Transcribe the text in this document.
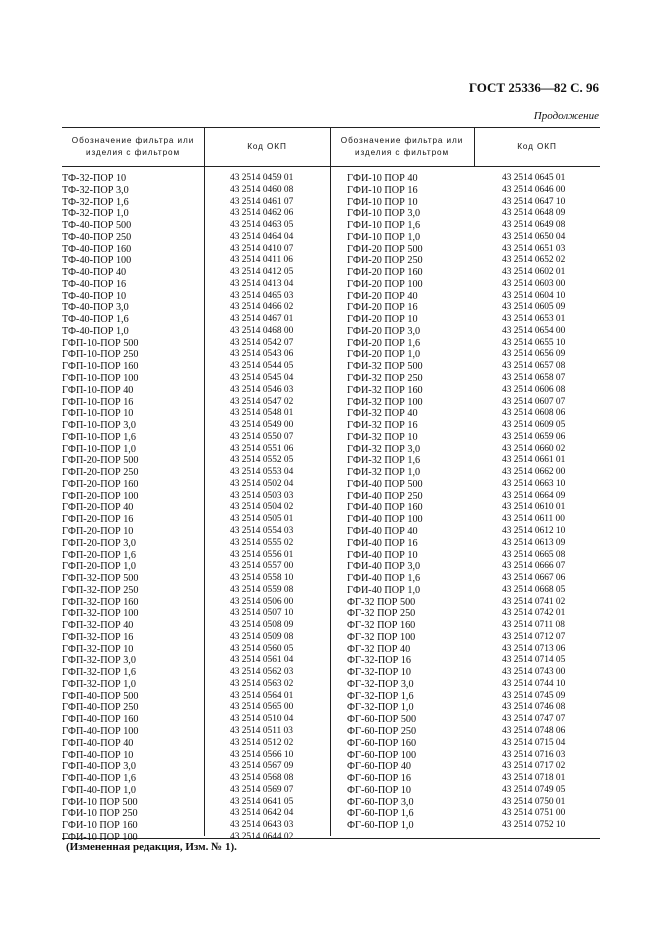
ГОСТ 25336—82 С. 96
Продолжение
Обозначение фильтра или
изделия с фильтром
Код ОКП
Обозначение фильтра или
изделия с фильтром
Код ОКП
ТФ-32-ПОР 10
ТФ-32-ПОР 3,0
ТФ-32-ПОР 1,6
ТФ-32-ПОР 1,0
ТФ-40-ПОР 500
ТФ-40-ПОР 250
ТФ-40-ПОР 160
ТФ-40-ПОР 100
ТФ-40-ПОР 40
ТФ-40-ПОР 16
ТФ-40-ПОР 10
ТФ-40-ПОР 3,0
ТФ-40-ПОР 1,6
ТФ-40-ПОР 1,0
ГФП-10-ПОР 500
ГФП-10-ПОР 250
ГФП-10-ПОР 160
ГФП-10-ПОР 100
ГФП-10-ПОР 40
ГФП-10-ПОР 16
ГФП-10-ПОР 10
ГФП-10-ПОР 3,0
ГФП-10-ПОР 1,6
ГФП-10-ПОР 1,0
ГФП-20-ПОР 500
ГФП-20-ПОР 250
ГФП-20-ПОР 160
ГФП-20-ПОР 100
ГФП-20-ПОР 40
ГФП-20-ПОР 16
ГФП-20-ПОР 10
ГФП-20-ПОР 3,0
ГФП-20-ПОР 1,6
ГФП-20-ПОР 1,0
ГФП-32-ПОР 500
ГФП-32-ПОР 250
ГФП-32-ПОР 160
ГФП-32-ПОР 100
ГФП-32-ПОР 40
ГФП-32-ПОР 16
ГФП-32-ПОР 10
ГФП-32-ПОР 3,0
ГФП-32-ПОР 1,6
ГФП-32-ПОР 1,0
ГФП-40-ПОР 500
ГФП-40-ПОР 250
ГФП-40-ПОР 160
ГФП-40-ПОР 100
ГФП-40-ПОР 40
ГФП-40-ПОР 10
ГФП-40-ПОР 3,0
ГФП-40-ПОР 1,6
ГФП-40-ПОР 1,0
ГФИ-10 ПОР 500
ГФИ-10 ПОР 250
ГФИ-10 ПОР 160
ГФИ-10 ПОР 100
43 2514 0459 01
43 2514 0460 08
43 2514 0461 07
43 2514 0462 06
43 2514 0463 05
43 2514 0464 04
43 2514 0410 07
43 2514 0411 06
43 2514 0412 05
43 2514 0413 04
43 2514 0465 03
43 2514 0466 02
43 2514 0467 01
43 2514 0468 00
43 2514 0542 07
43 2514 0543 06
43 2514 0544 05
43 2514 0545 04
43 2514 0546 03
43 2514 0547 02
43 2514 0548 01
43 2514 0549 00
43 2514 0550 07
43 2514 0551 06
43 2514 0552 05
43 2514 0553 04
43 2514 0502 04
43 2514 0503 03
43 2514 0504 02
43 2514 0505 01
43 2514 0554 03
43 2514 0555 02
43 2514 0556 01
43 2514 0557 00
43 2514 0558 10
43 2514 0559 08
43 2514 0506 00
43 2514 0507 10
43 2514 0508 09
43 2514 0509 08
43 2514 0560 05
43 2514 0561 04
43 2514 0562 03
43 2514 0563 02
43 2514 0564 01
43 2514 0565 00
43 2514 0510 04
43 2514 0511 03
43 2514 0512 02
43 2514 0566 10
43 2514 0567 09
43 2514 0568 08
43 2514 0569 07
43 2514 0641 05
43 2514 0642 04
43 2514 0643 03
43 2514 0644 02
ГФИ-10 ПОР 40
ГФИ-10 ПОР 16
ГФИ-10 ПОР 10
ГФИ-10 ПОР 3,0
ГФИ-10 ПОР 1,6
ГФИ-10 ПОР 1,0
ГФИ-20 ПОР 500
ГФИ-20 ПОР 250
ГФИ-20 ПОР 160
ГФИ-20 ПОР 100
ГФИ-20 ПОР 40
ГФИ-20 ПОР 16
ГФИ-20 ПОР 10
ГФИ-20 ПОР 3,0
ГФИ-20 ПОР 1,6
ГФИ-20 ПОР 1,0
ГФИ-32 ПОР 500
ГФИ-32 ПОР 250
ГФИ-32 ПОР 160
ГФИ-32 ПОР 100
ГФИ-32 ПОР 40
ГФИ-32 ПОР 16
ГФИ-32 ПОР 10
ГФИ-32 ПОР 3,0
ГФИ-32 ПОР 1,6
ГФИ-32 ПОР 1,0
ГФИ-40 ПОР 500
ГФИ-40 ПОР 250
ГФИ-40 ПОР 160
ГФИ-40 ПОР 100
ГФИ-40 ПОР 40
ГФИ-40 ПОР 16
ГФИ-40 ПОР 10
ГФИ-40 ПОР 3,0
ГФИ-40 ПОР 1,6
ГФИ-40 ПОР 1,0
ФГ-32 ПОР 500
ФГ-32 ПОР 250
ФГ-32 ПОР 160
ФГ-32 ПОР 100
ФГ-32 ПОР 40
ФГ-32-ПОР 16
ФГ-32-ПОР 10
ФГ-32-ПОР 3,0
ФГ-32-ПОР 1,6
ФГ-32-ПОР 1,0
ФГ-60-ПОР 500
ФГ-60-ПОР 250
ФГ-60-ПОР 160
ФГ-60-ПОР 100
ФГ-60-ПОР 40
ФГ-60-ПОР 16
ФГ-60-ПОР 10
ФГ-60-ПОР 3,0
ФГ-60-ПОР 1,6
ФГ-60-ПОР 1,0
43 2514 0645 01
43 2514 0646 00
43 2514 0647 10
43 2514 0648 09
43 2514 0649 08
43 2514 0650 04
43 2514 0651 03
43 2514 0652 02
43 2514 0602 01
43 2514 0603 00
43 2514 0604 10
43 2514 0605 09
43 2514 0653 01
43 2514 0654 00
43 2514 0655 10
43 2514 0656 09
43 2514 0657 08
43 2514 0658 07
43 2514 0606 08
43 2514 0607 07
43 2514 0608 06
43 2514 0609 05
43 2514 0659 06
43 2514 0660 02
43 2514 0661 01
43 2514 0662 00
43 2514 0663 10
43 2514 0664 09
43 2514 0610 01
43 2514 0611 00
43 2514 0612 10
43 2514 0613 09
43 2514 0665 08
43 2514 0666 07
43 2514 0667 06
43 2514 0668 05
43 2514 0741 02
43 2514 0742 01
43 2514 0711 08
43 2514 0712 07
43 2514 0713 06
43 2514 0714 05
43 2514 0743 00
43 2514 0744 10
43 2514 0745 09
43 2514 0746 08
43 2514 0747 07
43 2514 0748 06
43 2514 0715 04
43 2514 0716 03
43 2514 0717 02
43 2514 0718 01
43 2514 0749 05
43 2514 0750 01
43 2514 0751 00
43 2514 0752 10
(Измененная редакция, Изм. № 1).
